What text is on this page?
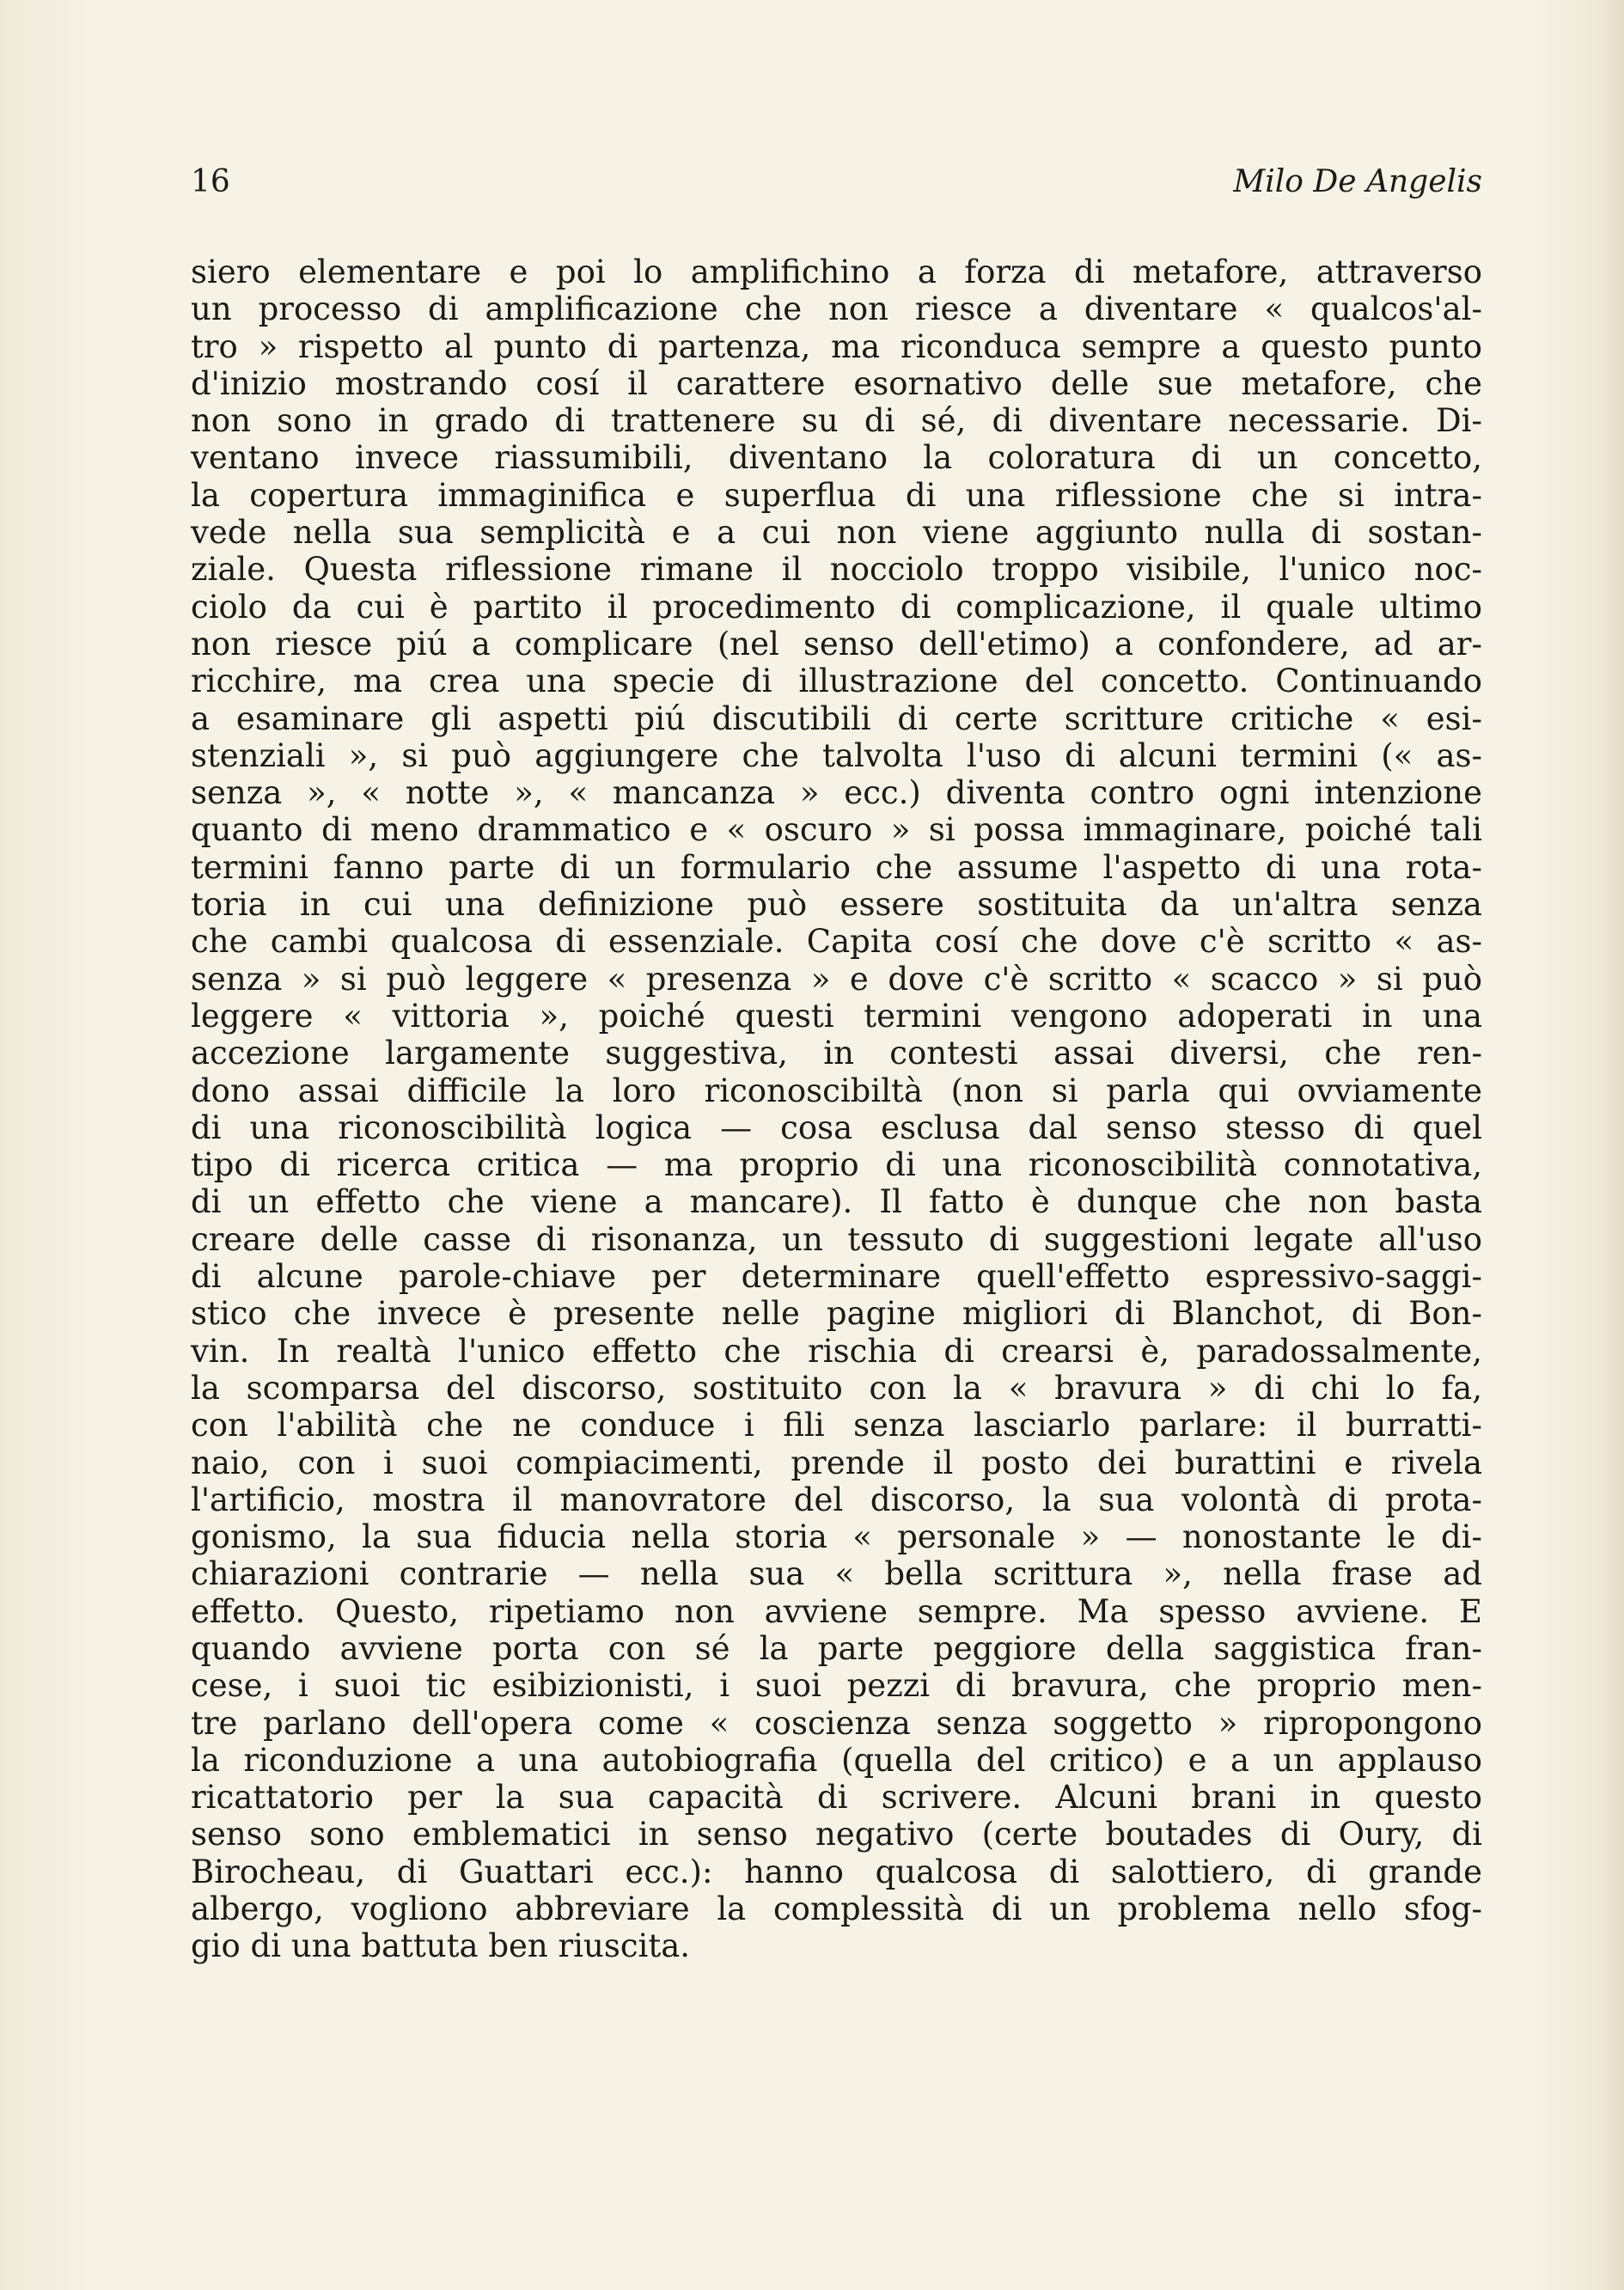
16	Milo De Angelis
siero elementare e poi lo amplifichino a forza di metafore, attraverso
un processo di amplificazione che non riesce a diventare « qualcos'al-
tro » rispetto al punto di partenza, ma riconduca sempre a questo punto
d'inizio mostrando cosí il carattere esornativo delle sue metafore, che
non sono in grado di trattenere su di sé, di diventare necessarie. Di-
ventano invece riassumibili, diventano la coloratura di un concetto,
la copertura immaginifica e superflua di una riflessione che si intra-
vede nella sua semplicità e a cui non viene aggiunto nulla di sostan-
ziale. Questa riflessione rimane il nocciolo troppo visibile, l'unico noc-
ciolo da cui è partito il procedimento di complicazione, il quale ultimo
non riesce piú a complicare (nel senso dell'etimo) a confondere, ad ar-
ricchire, ma crea una specie di illustrazione del concetto. Continuando
a esaminare gli aspetti piú discutibili di certe scritture critiche « esi-
stenziali », si può aggiungere che talvolta l'uso di alcuni termini (« as-
senza », « notte », « mancanza » ecc.) diventa contro ogni intenzione
quanto di meno drammatico e « oscuro » si possa immaginare, poiché tali
termini fanno parte di un formulario che assume l'aspetto di una rota-
toria in cui una definizione può essere sostituita da un'altra senza
che cambi qualcosa di essenziale. Capita cosí che dove c'è scritto « as-
senza » si può leggere « presenza » e dove c'è scritto « scacco » si può
leggere « vittoria », poiché questi termini vengono adoperati in una
accezione largamente suggestiva, in contesti assai diversi, che ren-
dono assai difficile la loro riconoscibiltà (non si parla qui ovviamente
di una riconoscibilità logica — cosa esclusa dal senso stesso di quel
tipo di ricerca critica — ma proprio di una riconoscibilità connotativa,
di un effetto che viene a mancare). Il fatto è dunque che non basta
creare delle casse di risonanza, un tessuto di suggestioni legate all'uso
di alcune parole-chiave per determinare quell'effetto espressivo-saggi-
stico che invece è presente nelle pagine migliori di Blanchot, di Bon-
vin. In realtà l'unico effetto che rischia di crearsi è, paradossalmente,
la scomparsa del discorso, sostituito con la « bravura » di chi lo fa,
con l'abilità che ne conduce i fili senza lasciarlo parlare: il burratti-
naio, con i suoi compiacimenti, prende il posto dei burattini e rivela
l'artificio, mostra il manovratore del discorso, la sua volontà di prota-
gonismo, la sua fiducia nella storia « personale » — nonostante le di-
chiarazioni contrarie — nella sua « bella scrittura », nella frase ad
effetto. Questo, ripetiamo non avviene sempre. Ma spesso avviene. E
quando avviene porta con sé la parte peggiore della saggistica fran-
cese, i suoi tic esibizionisti, i suoi pezzi di bravura, che proprio men-
tre parlano dell'opera come « coscienza senza soggetto » ripropongono
la riconduzione a una autobiografia (quella del critico) e a un applauso
ricattatorio per la sua capacità di scrivere. Alcuni brani in questo
senso sono emblematici in senso negativo (certe boutades di Oury, di
Birocheau, di Guattari ecc.): hanno qualcosa di salottiero, di grande
albergo, vogliono abbreviare la complessità di un problema nello sfog-
gio di una battuta ben riuscita.
